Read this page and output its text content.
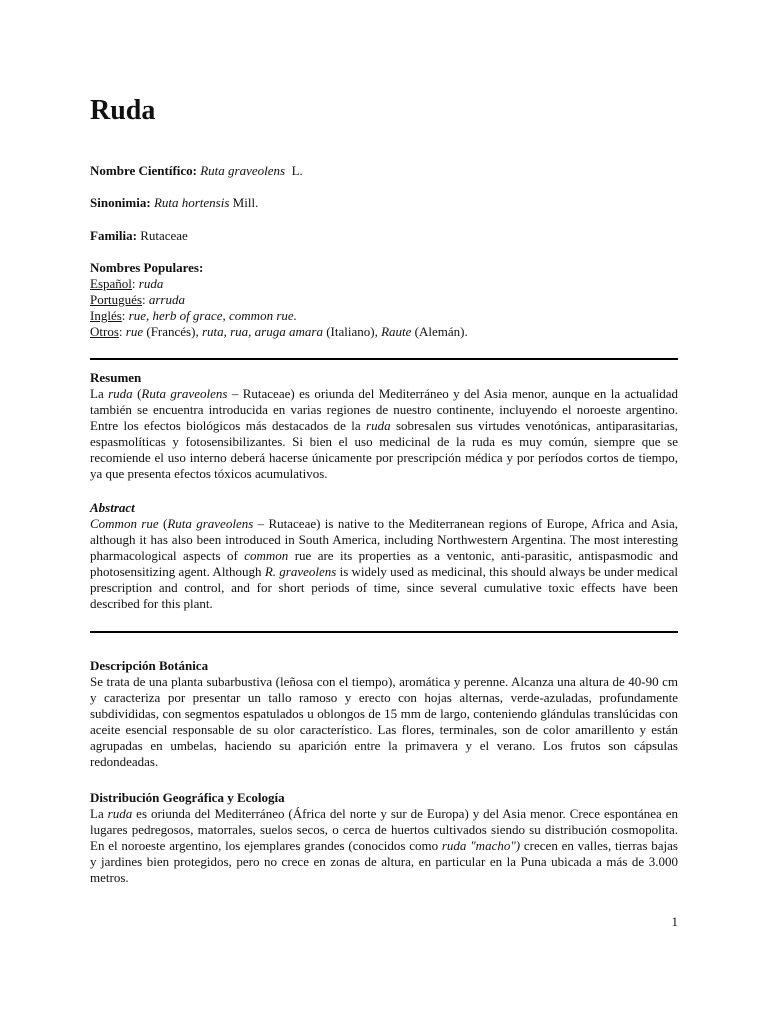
Ruda

Nombre Científico: Ruta graveolens L.

Sinonimia: Ruta hortensis Mill.

Familia: Rutaceae

Nombres Populares:

Español: ruda

Portugués: arruda

Inglés: rue, herb of grace, common rue.

Otros: rue (Francés), ruta, rua, aruga amara (Italiano), Raute (Alemán).

Resumen

La ruda (Ruta graveolens – Rutaceae) es oriunda del Mediterráneo y del Asia menor, aunque en la actualidad también se encuentra introducida en varias regiones de nuestro continente, incluyendo el noroeste argentino. Entre los efectos biológicos más destacados de la ruda sobresalen sus virtudes venotónicas, antiparasitarias, espasmolíticas y fotosensibilizantes. Si bien el uso medicinal de la ruda es muy común, siempre que se recomiende el uso interno deberá hacerse únicamente por prescripción médica y por períodos cortos de tiempo, ya que presenta efectos tóxicos acumulativos.

Abstract

Common rue (Ruta graveolens – Rutaceae) is native to the Mediterranean regions of Europe, Africa and Asia, although it has also been introduced in South America, including Northwestern Argentina. The most interesting pharmacological aspects of common rue are its properties as a ventonic, anti-parasitic, antispasmodic and photosensitizing agent. Although R. graveolens is widely used as medicinal, this should always be under medical prescription and control, and for short periods of time, since several cumulative toxic effects have been described for this plant.

Descripción Botánica

Se trata de una planta subarbustiva (leñosa con el tiempo), aromática y perenne. Alcanza una altura de 40-90 cm y caracteriza por presentar un tallo ramoso y erecto con hojas alternas, verde-azuladas, profundamente subdivididas, con segmentos espatulados u oblongos de 15 mm de largo, conteniendo glándulas translúcidas con aceite esencial responsable de su olor característico. Las flores, terminales, son de color amarillento y están agrupadas en umbelas, haciendo su aparición entre la primavera y el verano. Los frutos son cápsulas redondeadas.

Distribución Geográfica y Ecología

La ruda es oriunda del Mediterráneo (África del norte y sur de Europa) y del Asia menor. Crece espontánea en lugares pedregosos, matorrales, suelos secos, o cerca de huertos cultivados siendo su distribución cosmopolita. En el noroeste argentino, los ejemplares grandes (conocidos como ruda "macho") crecen en valles, tierras bajas y jardines bien protegidos, pero no crece en zonas de altura, en particular en la Puna ubicada a más de 3.000 metros.

1
